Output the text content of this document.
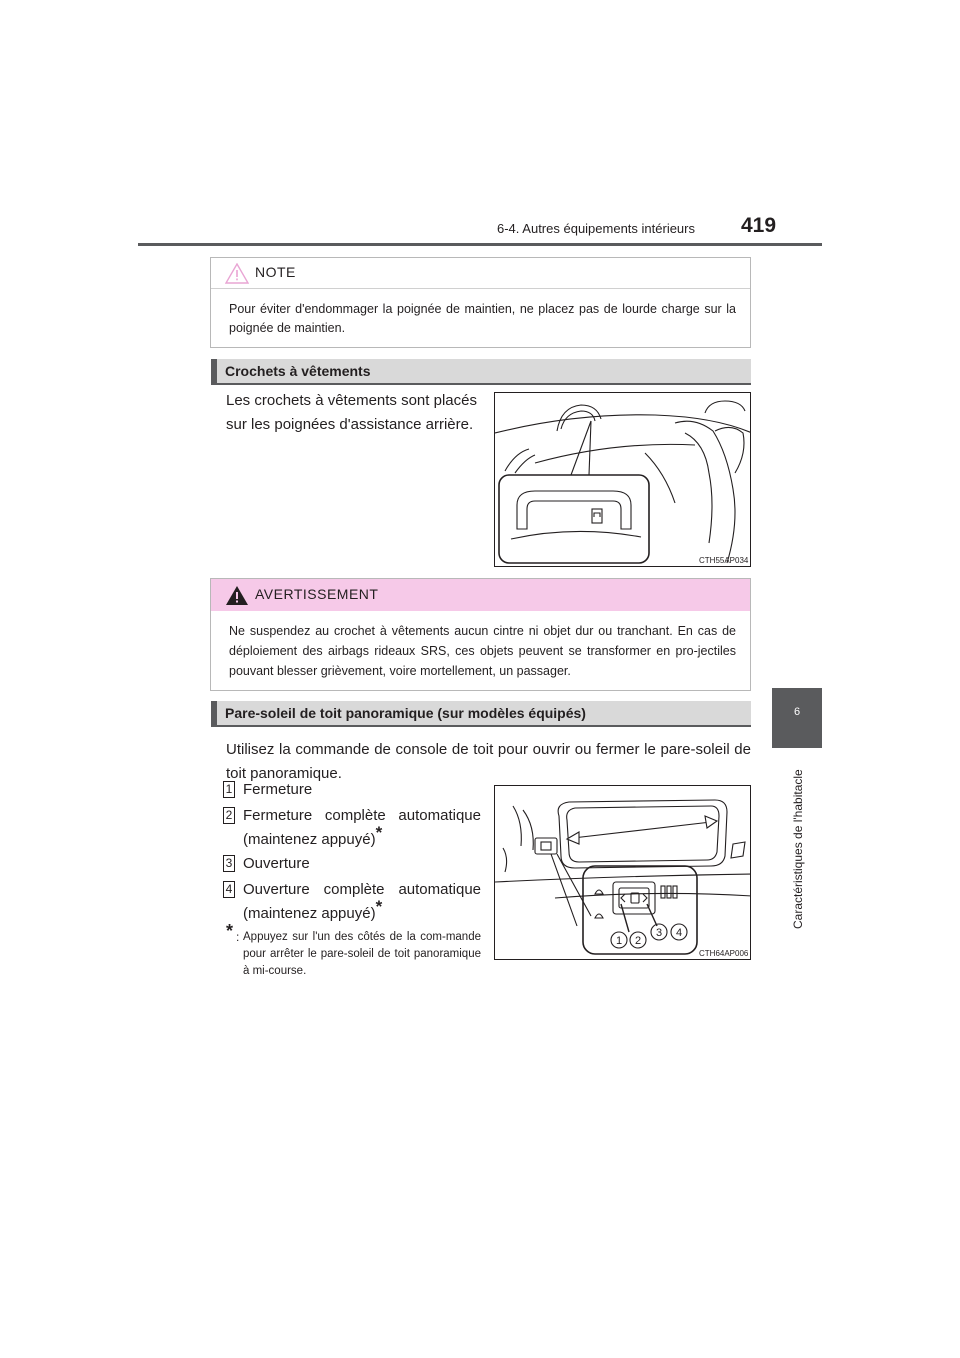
6-4. Autres équipements intérieurs 419
6
Caractéristiques de l'habitacle
NOTE
Pour éviter d'endommager la poignée de maintien, ne placez pas de lourde charge sur la poignée de maintien.
Crochets à vêtements
Les crochets à vêtements sont placés sur les poignées d'assistance arrière.
CTH55AP034
AVERTISSEMENT
Ne suspendez au crochet à vêtements aucun cintre ni objet dur ou tranchant. En cas de déploiement des airbags rideaux SRS, ces objets peuvent se transformer en pro-jectiles pouvant blesser grièvement, voire mortellement, un passager.
Pare-soleil de toit panoramique (sur modèles équipés)
Utilisez la commande de console de toit pour ouvrir ou fermer le pare-soleil de toit panoramique.
1 Fermeture
2 Fermeture complète automatique (maintenez appuyé)*
3 Ouverture
4 Ouverture complète automatique (maintenez appuyé)*
* : Appuyez sur l'un des côtés de la com-mande pour arrêter le pare-soleil de toit panoramique à mi-course.
1 2
3 4
CTH64AP006
